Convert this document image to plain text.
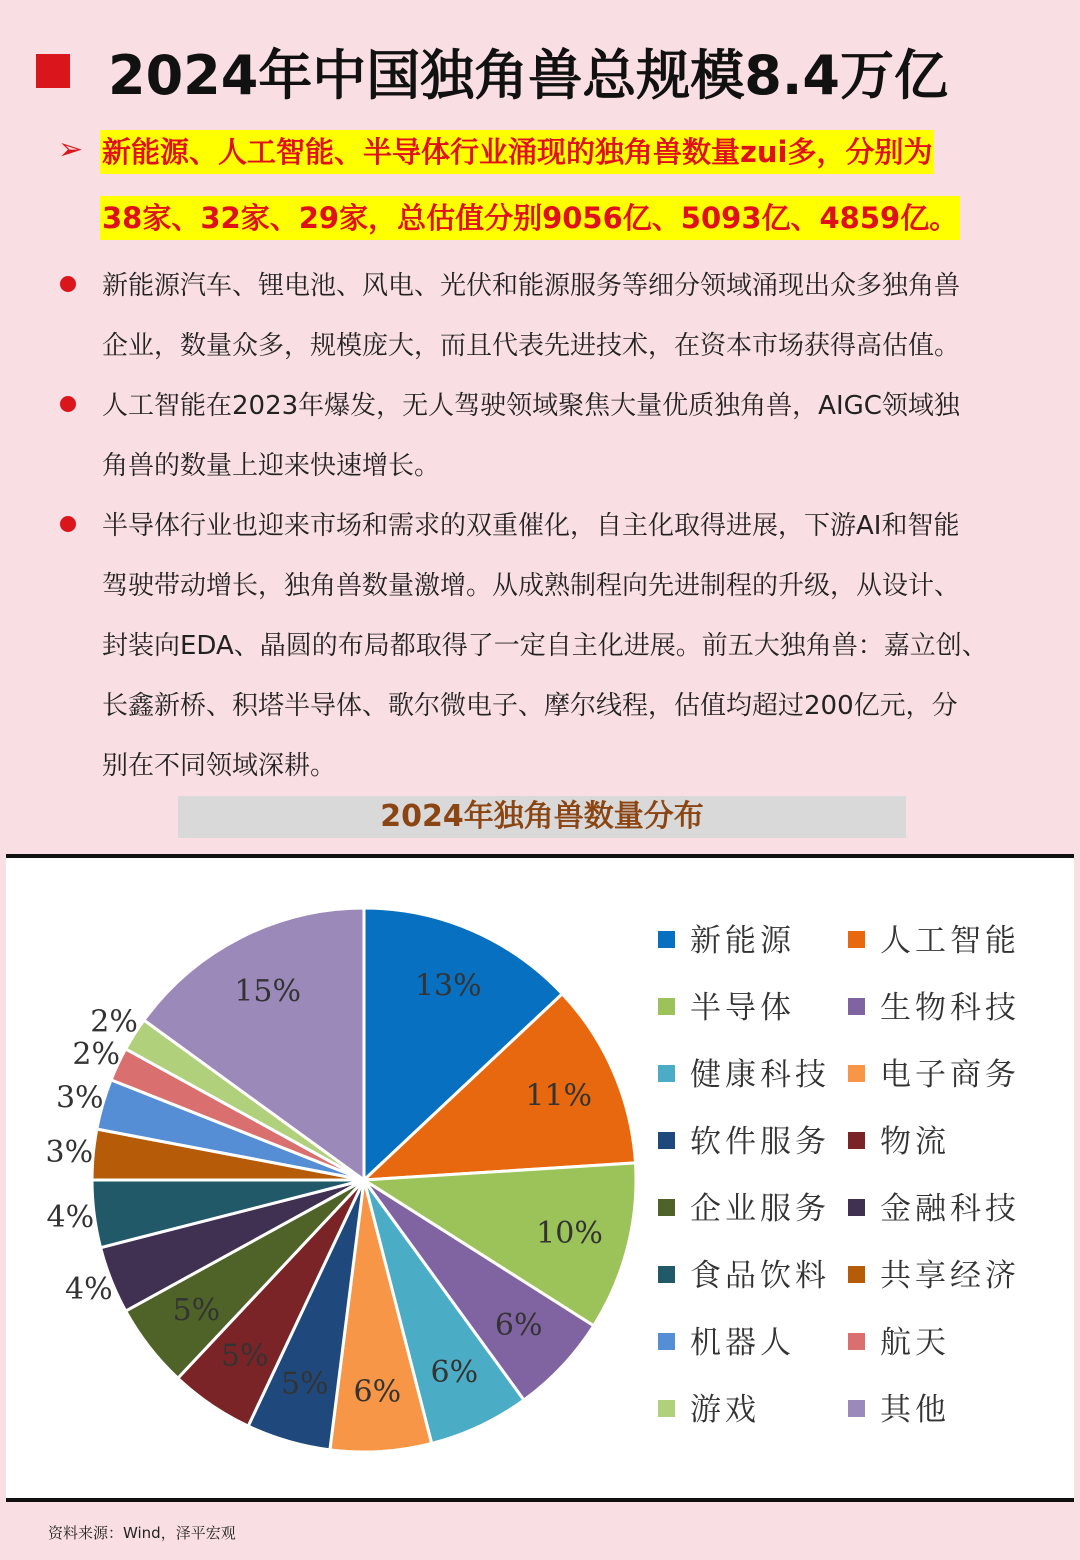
2024年中国独角兽总规模8.4万亿
➢ 新能源、人工智能、半导体行业涌现的独角兽数量zui多，分别为
38家、32家、29家，总估值分别9056亿、5093亿、4859亿。
新能源汽车、锂电池、风电、光伏和能源服务等细分领域涌现出众多独角兽
企业，数量众多，规模庞大，而且代表先进技术，在资本市场获得高估值。
人工智能在2023年爆发，无人驾驶领域聚焦大量优质独角兽，AIGC领域独
角兽的数量上迎来快速增长。
半导体行业也迎来市场和需求的双重催化，自主化取得进展，下游AI和智能
驾驶带动增长，独角兽数量激增。从成熟制程向先进制程的升级，从设计、
封装向EDA、晶圆的布局都取得了一定自主化进展。前五大独角兽：嘉立创、
长鑫新桥、积塔半导体、歌尔微电子、摩尔线程，估值均超过200亿元，分
别在不同领域深耕。
2024年独角兽数量分布
13%
11%
10%
6%
6%
6%
5%
5%
5%
4%
4%
3%
3%
2%
2%
15%
新能源	人工智能
半导体	生物科技
健康科技 电子商务
软件服务 物流
企业服务 金融科技
食品饮料 共享经济
机器人	航天
游戏	其他
资料来源：Wind，泽平宏观
